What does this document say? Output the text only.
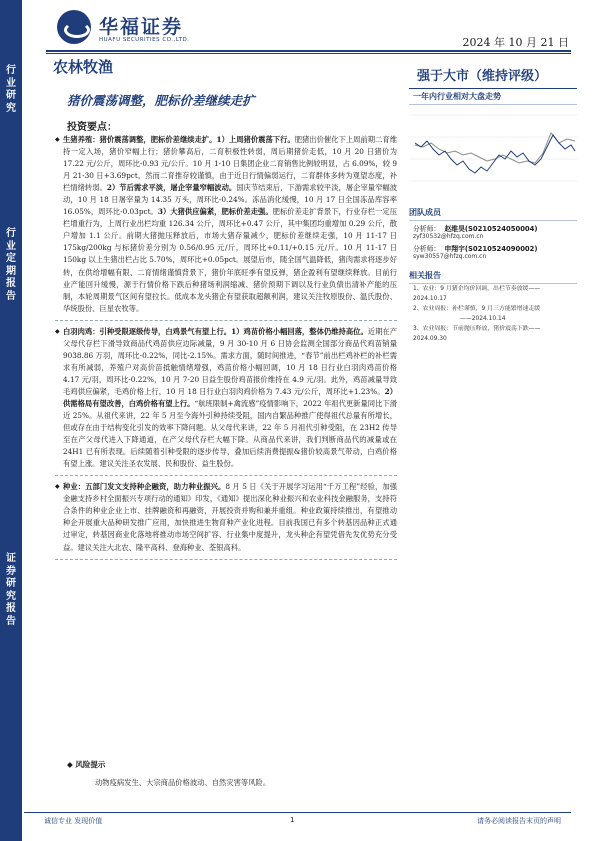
行业研究
行业定期报告
证券研究报告
华福证券
HUAFU SECURITIES CO.,LTD.	2024 年 10 月 21 日
农林牧渔
猪价震荡调整，肥标价差继续走扩
强于大市（维持评级）
投资要点：
◆ 生猪养殖：猪价震荡调整，肥标价差继续走扩。1）上周猪价震荡下行。肥猪出价催化下上周前期二育维持一定入场，猪价窄幅上行；猪价攀高后，二育积极性转弱，周后期猪价走低，10 月 20 日猪价为 17.22 元/公斤，周环比-0.93 元/公斤。10 月 1-10 日集团企业二育销售比例较明显，占 6.09%，较 9 月 21-30 日+3.69pct，然而二育推存较谨慎，由于近日行情偏弱运行，二育群体多转为观望态度，补栏情绪转弱。2）节后需求平淡，屠企宰量窄幅波动。国庆节结束后，下游需求较平淡，屠企宰量窄幅波动，10 月 18 日屠宰量为 14.35 万头，周环比-0.24%。冻品消化缓慢，10 月 17 日全国冻品库容率 16.05%，周环比-0.03pct。3）大猪供应偏紧，肥标价差走强。肥标价差走扩背景下，行业存栏一定压栏增重行为，上周行业出栏均重 126.34 公斤，周环比+0.47 公斤，其中集团均重增加 0.29 公斤，散户增加 1.1 公斤。前期大猪抛压释放后，市场大猪存量减少，肥标价差继续走强，10 月 11-17 日 175kg/200kg 与标猪价差分别为 0.56/0.95 元/斤，周环比+0.11/+0.15 元/斤。10 月 11-17 日 150kg 以上生猪出栏占比 5.70%，周环比+0.05pct。展望后市，随全国气温降低，猪肉需求将逐步好转，在供给增幅有限、二育情绪谨慎背景下，猪价年底旺季有望反弹，猪企盈利有望继续释放。目前行业产能回升缓慢，源于行情价格下跌后种猪场利润缩减、猪价预期下调以及行业负债出清补产能的压制，本轮周期景气区间有望拉长。低成本龙头猪企有望获取超额利润，建议关注牧原股份、温氏股份、华统股份、巨星农牧等。
◆ 白羽肉鸡：引种受限逐级传导，白鸡景气有望上行。1）鸡苗价格小幅回落，整体仍维持高位。近期在产父母代存栏下滑导致商品代鸡苗供应边际减量，9 月 30-10 月 6 日协会监测全国部分商品代鸡苗销量 9038.86 万羽，周环比-0.22%，同比-2.15%。需求方面，随时间推进，“春节”前出栏鸡补栏的补栏需求有所减弱，养殖户对高价苗抵触情绪增强，鸡苗价格小幅回调，10 月 18 日行业白羽肉鸡苗价格 4.17 元/羽，周环比-0.22%，10 月 7-20 日益生股份鸡苗报价维持在 4.9 元/羽。此外，鸡苗减量导致毛鸡供应偏紧，毛鸡价格上行，10 月 18 日行业白羽肉鸡价格为 7.43 元/公斤，周环比+1.23%。2）供需格局有望改善，白鸡价格有望上行。“航班限制+禽流感”疫情影响下，2022 年祖代更新量同比下滑近 25%。从祖代来讲，22 年 5 月至今海外引种持续受阻，国内自繁品种推广使得祖代总量有所增长，但或存在由于结构变化引发的效率下降问题。从父母代来讲，22 年 5 月祖代引种受阻，在 23H2 传导至在产父母代进入下降通道，在产父母代存栏大幅下降。从商品代来讲，我们判断商品代的减量或在 24H1 已有所表现。后续随着引种受限的逐步传导，叠加后续消费提振&猪价较高景气带动，白鸡价格有望上涨。建议关注圣农发展、民和股份、益生股份。
◆ 种业：五部门发文支持种企融资，助力种业振兴。8 月 5 日《关于开展学习运用“千万工程”经验，加强金融支持乡村全面振兴专项行动的通知》印发，《通知》提出深化种业振兴和农业科技金融服务，支持符合条件的种业企业上市、挂牌融资和再融资，开展投资并购和兼并重组。种业政策持续推出，有望推动种企开展重大品种研发推广应用，加快推进生物育种产业化进程。目前我国已有多个转基因品种正式通过审定，转基因商业化落地将推动市场空间扩容、行业集中度提升，龙头种企有望凭借先发优势充分受益。建议关注大北农、隆平高科、登海种业、荃银高科。
◆ 风险提示
动物疫病发生、大宗商品价格波动、自然灾害等风险。
一年内行业相对大盘走势
团队成员
分析师： 赵维昊(S0210524050004)
zyf30532@hfzq.com.cn
分析师： 申翔宇(S0210524090002)
syw30557@hfzq.com.cn
相关报告
1、农业：9 月猪企均价回调，出栏节奏放缓——
2024.10.17
2、农业周报：补栏谨慎，9 月三方能繁增速走缓
——2024.10.14
3、农业周报：节前抛压释放，猪价震荡下跌——
2024.09.30
诚信专业 发现价值	1	请务必阅读报告末页的声明
